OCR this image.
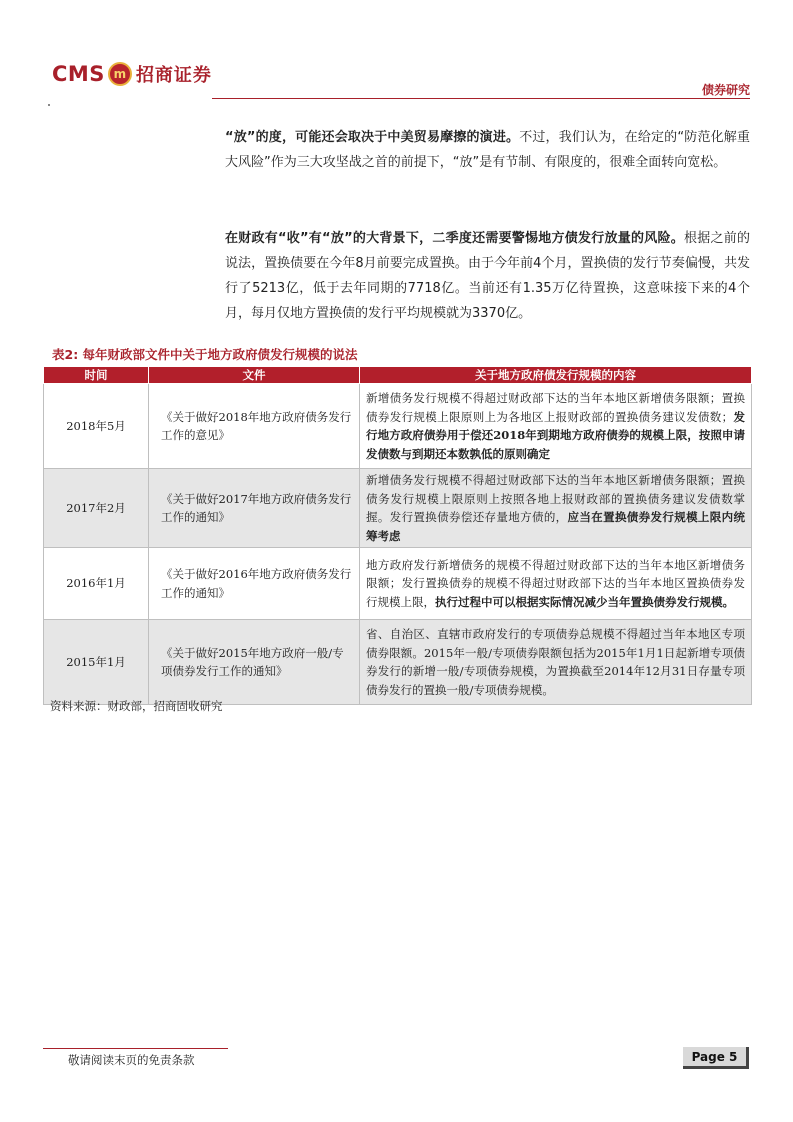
CMS m 招商证券
债券研究
“放”的度，可能还会取决于中美贸易摩擦的演进。不过，我们认为，在给定的“防范化解重大风险”作为三大攻坚战之首的前提下，“放”是有节制、有限度的，很难全面转向宽松。
在财政有“收”有“放”的大背景下，二季度还需要警惕地方债发行放量的风险。根据之前的说法，置换债要在今年8月前要完成置换。由于今年前4个月，置换债的发行节奏偏慢，共发行了5213亿，低于去年同期的7718亿。当前还有1.35万亿待置换，这意味接下来的4个月，每月仅地方置换债的发行平均规模就为3370亿。
表2: 每年财政部文件中关于地方政府债发行规模的说法
时间	文件	关于地方政府债发行规模的内容
2018年5月	《关于做好2018年地方政府债务发行工作的意见》	新增债务发行规模不得超过财政部下达的当年本地区新增债务限额；置换债券发行规模上限原则上为各地区上报财政部的置换债务建议发债数；发行地方政府债券用于偿还2018年到期地方政府债券的规模上限，按照申请发债数与到期还本数孰低的原则确定
2017年2月	《关于做好2017年地方政府债务发行工作的通知》	新增债务发行规模不得超过财政部下达的当年本地区新增债务限额；置换债务发行规模上限原则上按照各地上报财政部的置换债务建议发债数掌握。发行置换债券偿还存量地方债的，应当在置换债券发行规模上限内统筹考虑
2016年1月	《关于做好2016年地方政府债务发行工作的通知》	地方政府发行新增债务的规模不得超过财政部下达的当年本地区新增债务限额；发行置换债券的规模不得超过财政部下达的当年本地区置换债券发行规模上限，执行过程中可以根据实际情况减少当年置换债券发行规模。
2015年1月	《关于做好2015年地方政府一般/专项债券发行工作的通知》	省、自治区、直辖市政府发行的专项债券总规模不得超过当年本地区专项债券限额。2015年一般/专项债券限额包括为2015年1月1日起新增专项债券发行的新增一般/专项债券规模，为置换截至2014年12月31日存量专项债券发行的置换一般/专项债券规模。
资料来源：财政部，招商固收研究
敬请阅读末页的免责条款	Page 5
